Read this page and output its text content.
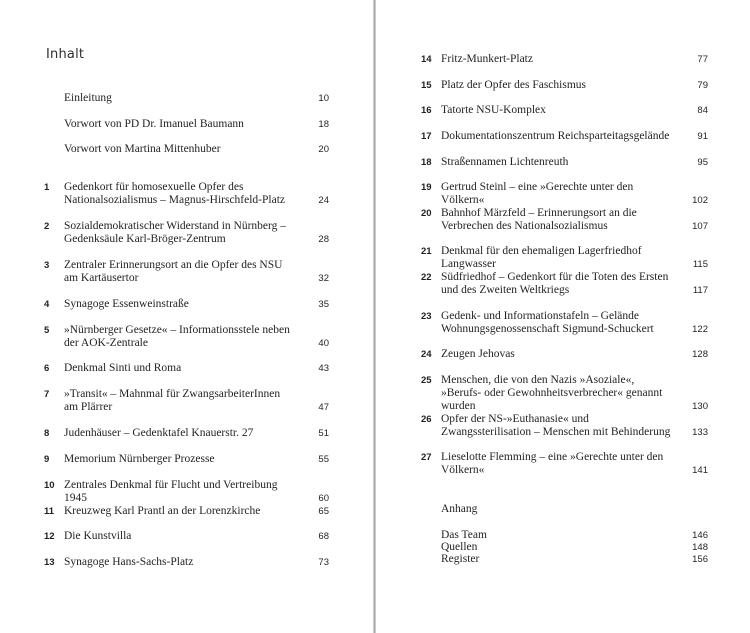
Inhalt
Einleitung	10
Vorwort von PD Dr. Imanuel Baumann	18
Vorwort von Martina Mittenhuber	20
1 Gedenkort für homosexuelle Opfer des Nationalsozialismus – Magnus-Hirschfeld-Platz	24
2 Sozialdemokratischer Widerstand in Nürnberg – Gedenksäule Karl-Bröger-Zentrum	28
3 Zentraler Erinnerungsort an die Opfer des NSU am Kartäusertor	32
4 Synagoge Essenweinstraße	35
5 »Nürnberger Gesetze« – Informationsstele neben der AOK-Zentrale	40
6 Denkmal Sinti und Roma	43
7 »Transit« – Mahnmal für ZwangsarbeiterInnen am Plärrer	47
8 Judenhäuser – Gedenktafel Knauerstr. 27	51
9 Memorium Nürnberger Prozesse	55
10 Zentrales Denkmal für Flucht und Vertreibung 1945	60
11 Kreuzweg Karl Prantl an der Lorenzkirche	65
12 Die Kunstvilla	68
13 Synagoge Hans-Sachs-Platz	73
14 Fritz-Munkert-Platz	77
15 Platz der Opfer des Faschismus	79
16 Tatorte NSU-Komplex	84
17 Dokumentationszentrum Reichsparteitagsgelände	91
18 Straßennamen Lichtenreuth	95
19 Gertrud Steinl – eine »Gerechte unter den Völkern«	102
20 Bahnhof Märzfeld – Erinnerungsort an die Verbrechen des Nationalsozialismus	107
21 Denkmal für den ehemaligen Lagerfriedhof Langwasser	115
22 Südfriedhof – Gedenkort für die Toten des Ersten und des Zweiten Weltkriegs	117
23 Gedenk- und Informationstafeln – Gelände Wohnungsgenossenschaft Sigmund-Schuckert	122
24 Zeugen Jehovas	128
25 Menschen, die von den Nazis »Asoziale«, »Berufs- oder Gewohnheitsverbrecher« genannt wurden	130
26 Opfer der NS-»Euthanasie« und Zwangssterilisation – Menschen mit Behinderung	133
27 Lieselotte Flemming – eine »Gerechte unter den Völkern«	141
Anhang
Das Team	146
Quellen	148
Register	156
